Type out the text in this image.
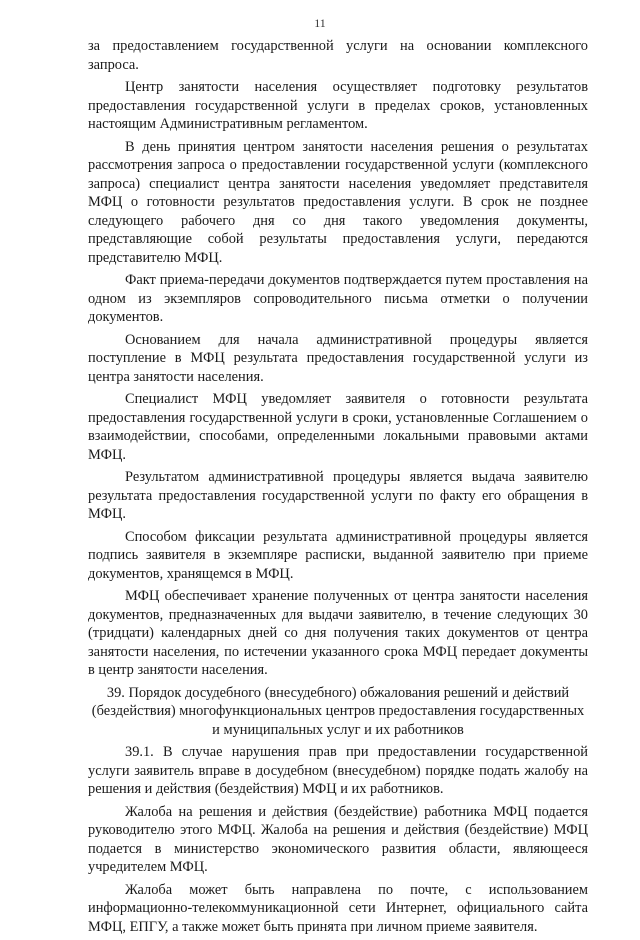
11

за предоставлением государственной услуги на основании комплексного запроса.

Центр занятости населения осуществляет подготовку результатов предоставления государственной услуги в пределах сроков, установленных настоящим Административным регламентом.

В день принятия центром занятости населения решения о результатах рассмотрения запроса о предоставлении государственной услуги (комплексного запроса) специалист центра занятости населения уведомляет представителя МФЦ о готовности результатов предоставления услуги. В срок не позднее следующего рабочего дня со дня такого уведомления документы, представляющие собой результаты предоставления услуги, передаются представителю МФЦ.

Факт приема-передачи документов подтверждается путем проставления на одном из экземпляров сопроводительного письма отметки о получении документов.

Основанием для начала административной процедуры является поступление в МФЦ результата предоставления государственной услуги из центра занятости населения.

Специалист МФЦ уведомляет заявителя о готовности результата предоставления государственной услуги в сроки, установленные Соглашением о взаимодействии, способами, определенными локальными правовыми актами МФЦ.

Результатом административной процедуры является выдача заявителю результата предоставления государственной услуги по факту его обращения в МФЦ.

Способом фиксации результата административной процедуры является подпись заявителя в экземпляре расписки, выданной заявителю при приеме документов, хранящемся в МФЦ.

МФЦ обеспечивает хранение полученных от центра занятости населения документов, предназначенных для выдачи заявителю, в течение следующих 30 (тридцати) календарных дней со дня получения таких документов от центра занятости населения, по истечении указанного срока МФЦ передает документы в центр занятости населения.

39. Порядок досудебного (внесудебного) обжалования решений и действий (бездействия) многофункциональных центров предоставления государственных и муниципальных услуг и их работников

39.1. В случае нарушения прав при предоставлении государственной услуги заявитель вправе в досудебном (внесудебном) порядке подать жалобу на решения и действия (бездействия) МФЦ и их работников.

Жалоба на решения и действия (бездействие) работника МФЦ подается руководителю этого МФЦ. Жалоба на решения и действия (бездействие) МФЦ подается в министерство экономического развития области, являющееся учредителем МФЦ.

Жалоба может быть направлена по почте, с использованием информационно-телекоммуникационной сети Интернет, официального сайта МФЦ, ЕПГУ, а также может быть принята при личном приеме заявителя.
